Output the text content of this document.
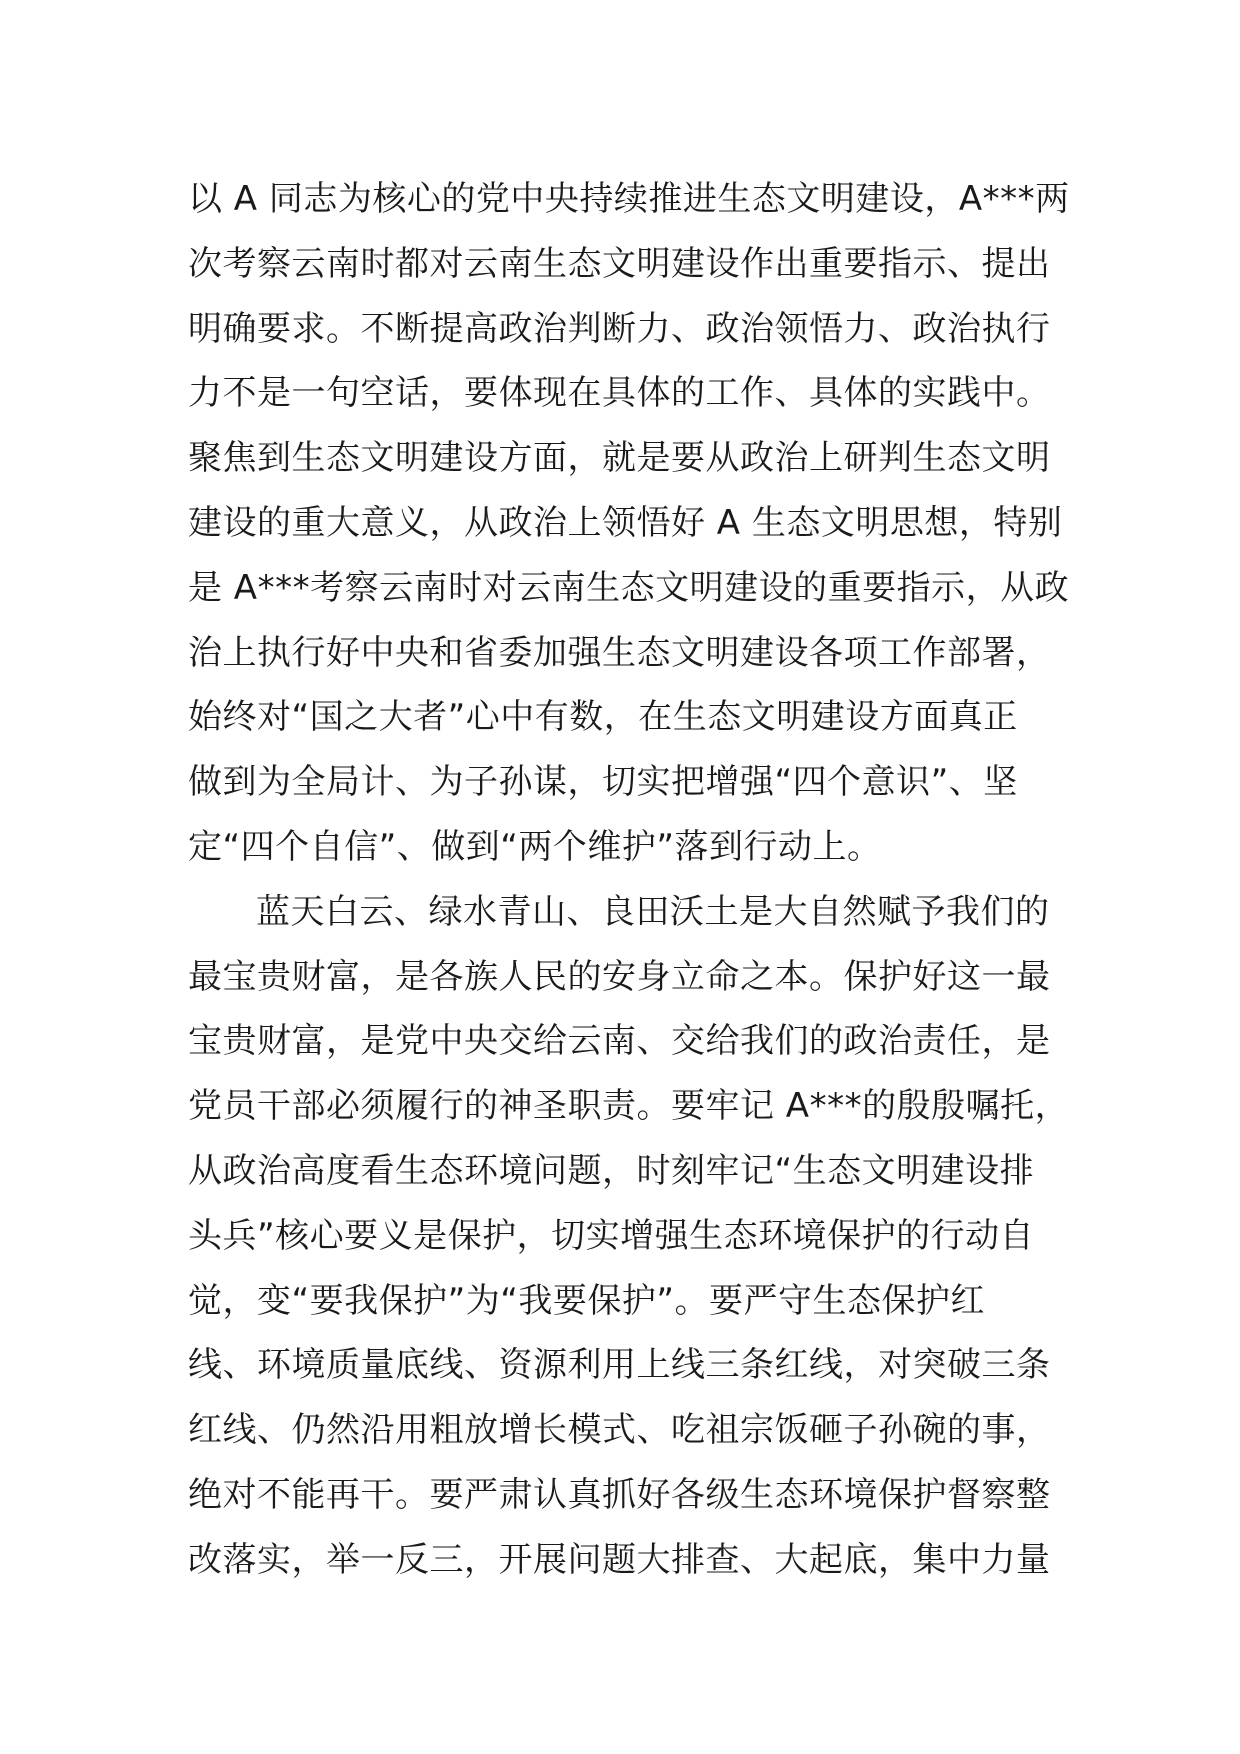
以 A 同志为核心的党中央持续推进生态文明建设，A***两
次考察云南时都对云南生态文明建设作出重要指示、提出
明确要求。不断提高政治判断力、政治领悟力、政治执行
力不是一句空话，要体现在具体的工作、具体的实践中。
聚焦到生态文明建设方面，就是要从政治上研判生态文明
建设的重大意义，从政治上领悟好 A 生态文明思想，特别
是 A***考察云南时对云南生态文明建设的重要指示，从政
治上执行好中央和省委加强生态文明建设各项工作部署，
始终对“国之大者”心中有数，在生态文明建设方面真正
做到为全局计、为子孙谋，切实把增强“四个意识”、坚
定“四个自信”、做到“两个维护”落到行动上。
蓝天白云、绿水青山、良田沃土是大自然赋予我们的
最宝贵财富，是各族人民的安身立命之本。保护好这一最
宝贵财富，是党中央交给云南、交给我们的政治责任，是
党员干部必须履行的神圣职责。要牢记 A***的殷殷嘱托，
从政治高度看生态环境问题，时刻牢记“生态文明建设排
头兵”核心要义是保护，切实增强生态环境保护的行动自
觉，变“要我保护”为“我要保护”。要严守生态保护红
线、环境质量底线、资源利用上线三条红线，对突破三条
红线、仍然沿用粗放增长模式、吃祖宗饭砸子孙碗的事，
绝对不能再干。要严肃认真抓好各级生态环境保护督察整
改落实，举一反三，开展问题大排查、大起底，集中力量
